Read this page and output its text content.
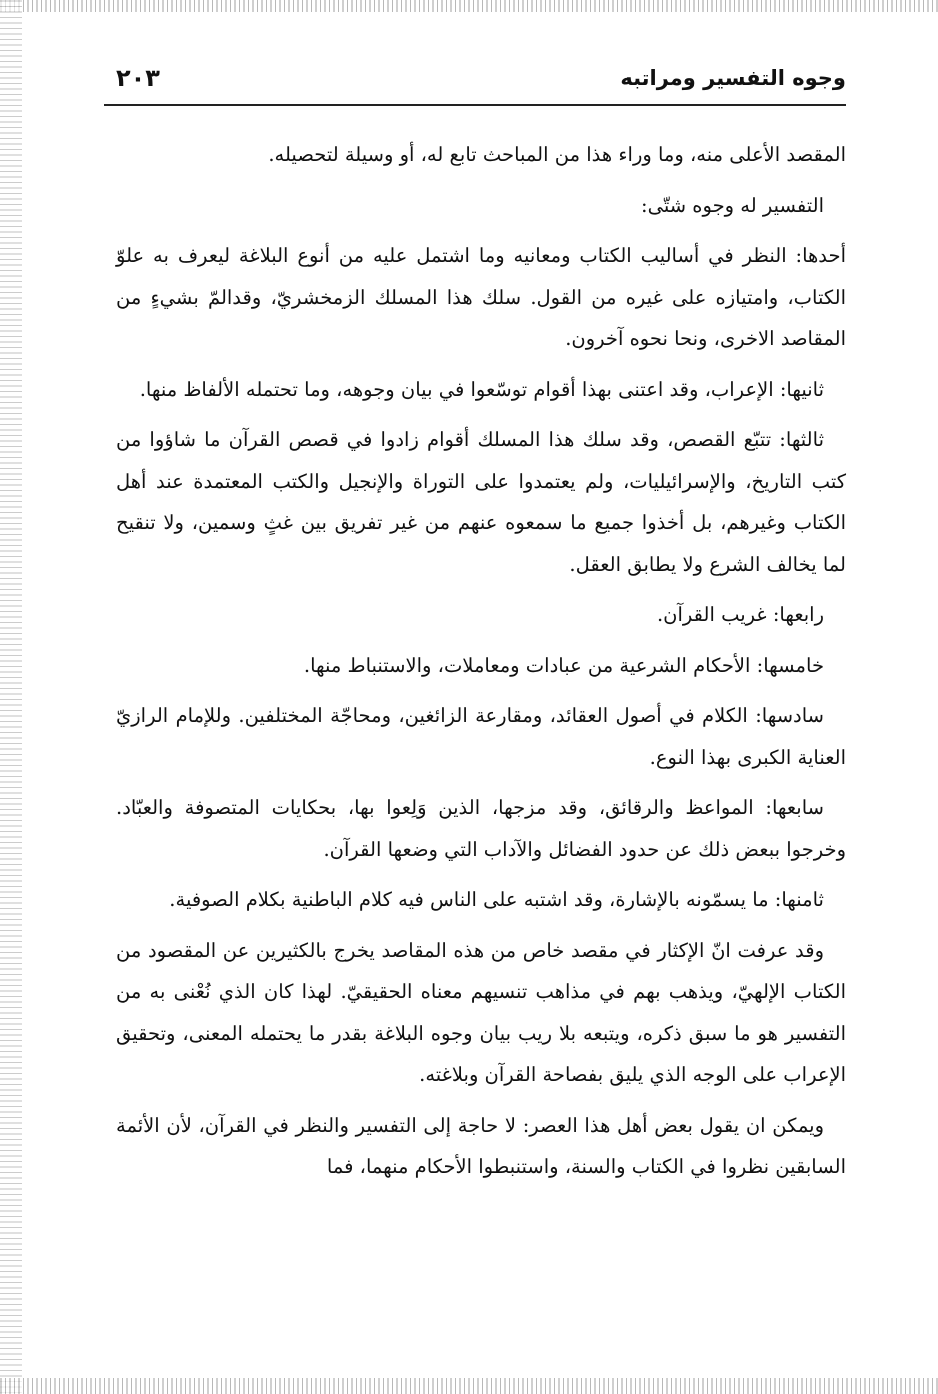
وجوه التفسير ومراتبه
٢٠٣

المقصد الأعلى منه، وما وراء هذا من المباحث تابع له، أو وسيلة لتحصيله.

التفسير له وجوه شتّى:

أحدها: النظر في أساليب الكتاب ومعانيه وما اشتمل عليه من أنوع البلاغة ليعرف به علوّ الكتاب، وامتيازه على غيره من القول. سلك هذا المسلك الزمخشريّ، وقدالمّ بشيءٍ من المقاصد الاخرى، ونحا نحوه آخرون.

ثانيها: الإعراب، وقد اعتنى بهذا أقوام توسّعوا في بيان وجوهه، وما تحتمله الألفاظ منها.

ثالثها: تتبّع القصص، وقد سلك هذا المسلك أقوام زادوا في قصص القرآن ما شاؤوا من كتب التاريخ، والإسرائيليات، ولم يعتمدوا على التوراة والإنجيل والكتب المعتمدة عند أهل الكتاب وغيرهم، بل أخذوا جميع ما سمعوه عنهم من غير تفريق بين غثٍ وسمين، ولا تنقيح لما يخالف الشرع ولا يطابق العقل.

رابعها: غريب القرآن.

خامسها: الأحكام الشرعية من عبادات ومعاملات، والاستنباط منها.

سادسها: الكلام في أصول العقائد، ومقارعة الزائغين، ومحاجّة المختلفين. وللإمام الرازيّ العناية الكبرى بهذا النوع.

سابعها: المواعظ والرقائق، وقد مزجها، الذين وَلِعوا بها، بحكايات المتصوفة والعبّاد. وخرجوا ببعض ذلك عن حدود الفضائل والآداب التي وضعها القرآن.

ثامنها: ما يسمّونه بالإشارة، وقد اشتبه على الناس فيه كلام الباطنية بكلام الصوفية.

وقد عرفت انّ الإكثار في مقصد خاص من هذه المقاصد يخرج بالكثيرين عن المقصود من الكتاب الإلهيّ، ويذهب بهم في مذاهب تنسيهم معناه الحقيقيّ. لهذا كان الذي نُعْنى به من التفسير هو ما سبق ذكره، ويتبعه بلا ريب بيان وجوه البلاغة بقدر ما يحتمله المعنى، وتحقيق الإعراب على الوجه الذي يليق بفصاحة القرآن وبلاغته.

ويمكن ان يقول بعض أهل هذا العصر: لا حاجة إلى التفسير والنظر في القرآن، لأن الأئمة السابقين نظروا في الكتاب والسنة، واستنبطوا الأحكام منهما، فما
